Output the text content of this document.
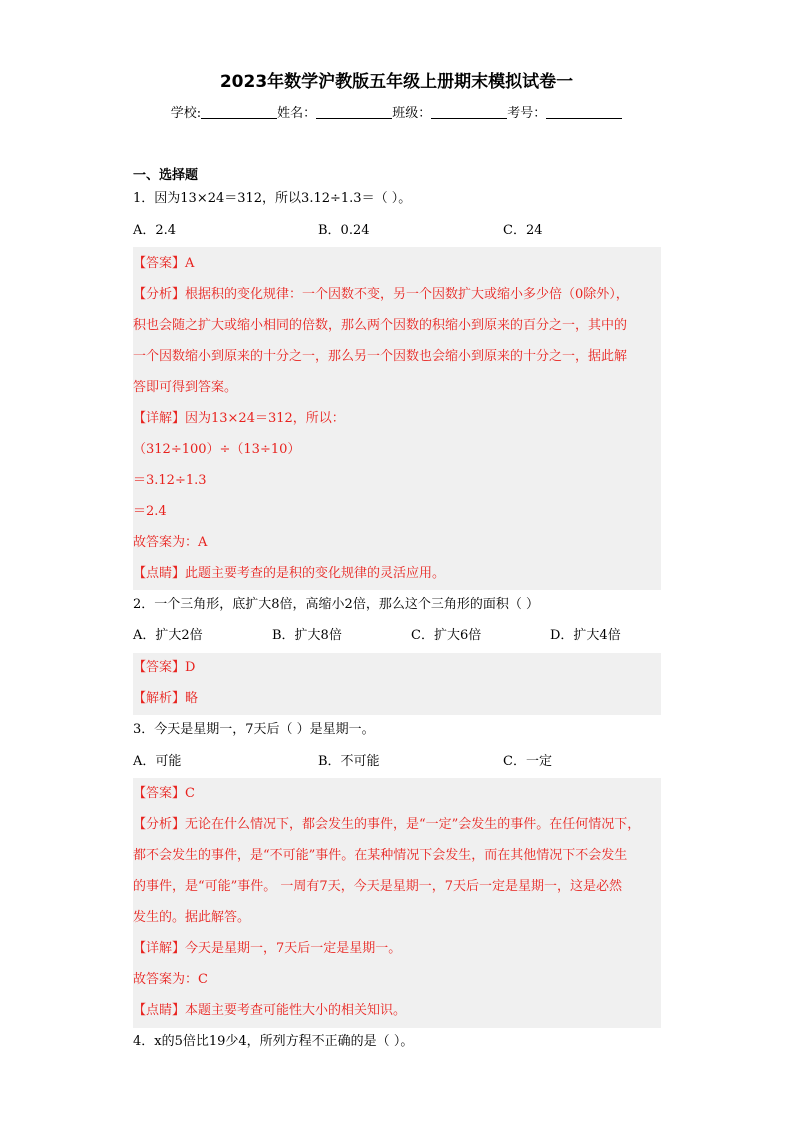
2023年数学沪教版五年级上册期末模拟试卷一
学校:	姓名：	班级：	考号：
一、选择题
1．因为13×24＝312，所以3.12÷1.3＝（ ）。
A．2.4	B．0.24	C．24
【答案】A
【分析】根据积的变化规律：一个因数不变，另一个因数扩大或缩小多少倍（0除外），
积也会随之扩大或缩小相同的倍数，那么两个因数的积缩小到原来的百分之一，其中的
一个因数缩小到原来的十分之一，那么另一个因数也会缩小到原来的十分之一，据此解
答即可得到答案。
【详解】因为13×24＝312，所以：
（312÷100）÷（13÷10）
＝3.12÷1.3
＝2.4
故答案为：A
【点睛】此题主要考查的是积的变化规律的灵活应用。
2．一个三角形，底扩大8倍，高缩小2倍，那么这个三角形的面积（ ）
A．扩大2倍	B．扩大8倍	C．扩大6倍	D．扩大4倍
【答案】D
【解析】略
3．今天是星期一，7天后（ ）是星期一。
A．可能	B．不可能	C．一定
【答案】C
【分析】无论在什么情况下，都会发生的事件，是“一定”会发生的事件。在任何情况下，
都不会发生的事件，是“不可能”事件。在某种情况下会发生，而在其他情况下不会发生
的事件，是“可能”事件。 一周有7天，今天是星期一，7天后一定是星期一，这是必然
发生的。据此解答。
【详解】今天是星期一，7天后一定是星期一。
故答案为：C
【点睛】本题主要考查可能性大小的相关知识。
4．x的5倍比19少4，所列方程不正确的是（ ）。
